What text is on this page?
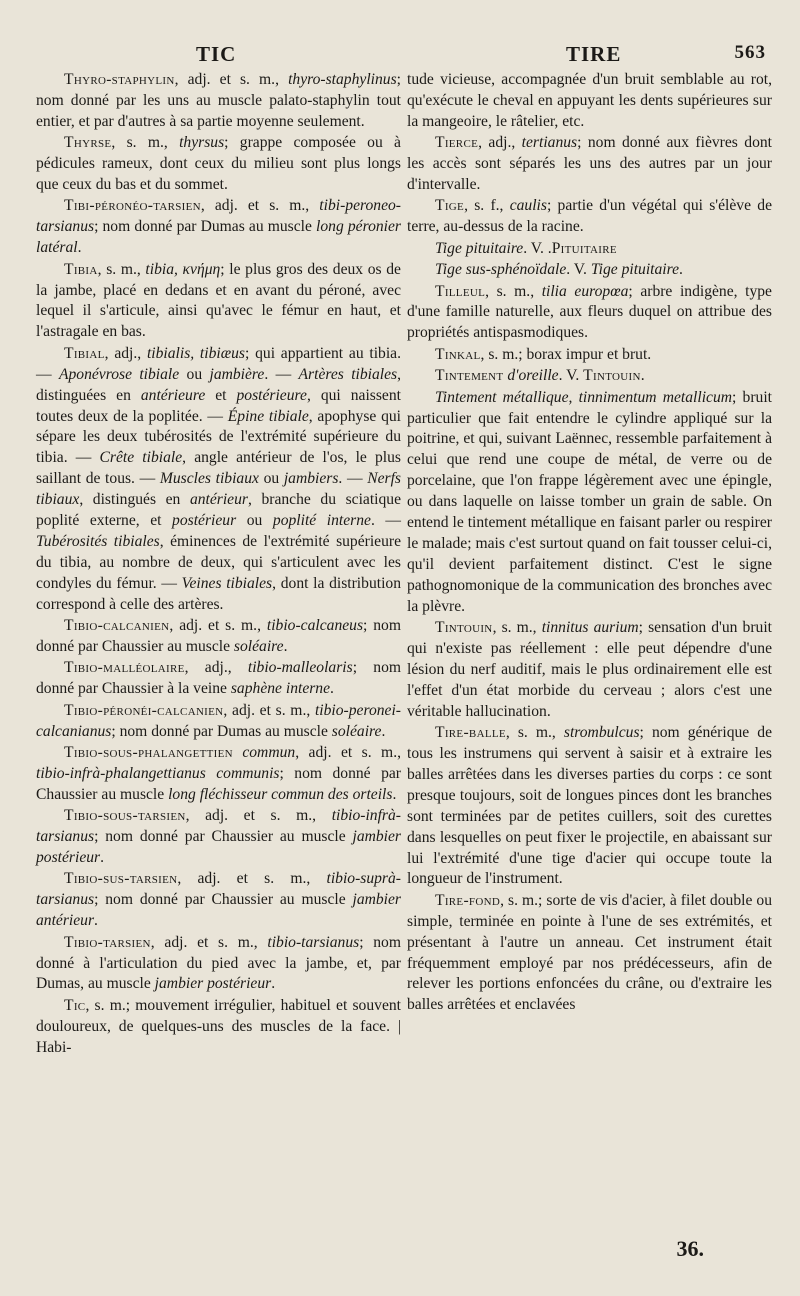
TIC	TIRE	563

Thyro-staphylin, adj. et s. m., thyro-staphylinus; nom donné par les uns au muscle palato-staphylin tout entier, et par d'autres à sa partie moyenne seulement.

Thyrse, s. m., thyrsus; grappe composée ou à pédicules rameux, dont ceux du milieu sont plus longs que ceux du bas et du sommet.

Tibi-péronéo-tarsien, adj. et s. m., tibi-peroneo-tarsianus; nom donné par Dumas au muscle long péronier latéral.

Tibia, s. m., tibia, κνήμη; le plus gros des deux os de la jambe, placé en dedans et en avant du péroné, avec lequel il s'articule, ainsi qu'avec le fémur en haut, et l'astragale en bas.

Tibial, adj., tibialis, tibiæus; qui appartient au tibia. — Aponévrose tibiale ou jambière. — Artères tibiales, distinguées en antérieure et postérieure, qui naissent toutes deux de la poplitée. — Épine tibiale, apophyse qui sépare les deux tubérosités de l'extrémité supérieure du tibia. — Crête tibiale, angle antérieur de l'os, le plus saillant de tous. — Muscles tibiaux ou jambiers. — Nerfs tibiaux, distingués en antérieur, branche du sciatique poplité externe, et postérieur ou poplité interne. — Tubérosités tibiales, éminences de l'extrémité supérieure du tibia, au nombre de deux, qui s'articulent avec les condyles du fémur. — Veines tibiales, dont la distribution correspond à celle des artères.

Tibio-calcanien, adj. et s. m., tibio-calcaneus; nom donné par Chaussier au muscle soléaire.

Tibio-malléolaire, adj., tibio-malleolaris; nom donné par Chaussier à la veine saphène interne.

Tibio-péronéi-calcanien, adj. et s. m., tibio-peronei-calcanianus; nom donné par Dumas au muscle soléaire.

Tibio-sous-phalangettien commun, adj. et s. m., tibio-infrà-phalangettianus communis; nom donné par Chaussier au muscle long fléchisseur commun des orteils.

Tibio-sous-tarsien, adj. et s. m., tibio-infrà-tarsianus; nom donné par Chaussier au muscle jambier postérieur.

Tibio-sus-tarsien, adj. et s. m., tibio-suprà-tarsianus; nom donné par Chaussier au muscle jambier antérieur.

Tibio-tarsien, adj. et s. m., tibio-tarsianus; nom donné à l'articulation du pied avec la jambe, et, par Dumas, au muscle jambier postérieur.

Tic, s. m.; mouvement irrégulier, habituel et souvent douloureux, de quelques-uns des muscles de la face. | Habi-

tude vicieuse, accompagnée d'un bruit semblable au rot, qu'exécute le cheval en appuyant les dents supérieures sur la mangeoire, le râtelier, etc.

Tierce, adj., tertianus; nom donné aux fièvres dont les accès sont séparés les uns des autres par un jour d'intervalle.

Tige, s. f., caulis; partie d'un végétal qui s'élève de terre, au-dessus de la racine.

Tige pituitaire. V. .Pituitaire

Tige sus-sphénoïdale. V. Tige pituitaire.

Tilleul, s. m., tilia europœa; arbre indigène, type d'une famille naturelle, aux fleurs duquel on attribue des propriétés antispasmodiques.

Tinkal, s. m.; borax impur et brut.

Tintement d'oreille. V. Tintouin.

Tintement métallique, tinnimentum metallicum; bruit particulier que fait entendre le cylindre appliqué sur la poitrine, et qui, suivant Laënnec, ressemble parfaitement à celui que rend une coupe de métal, de verre ou de porcelaine, que l'on frappe légèrement avec une épingle, ou dans laquelle on laisse tomber un grain de sable. On entend le tintement métallique en faisant parler ou respirer le malade; mais c'est surtout quand on fait tousser celui-ci, qu'il devient parfaitement distinct. C'est le signe pathognomonique de la communication des bronches avec la plèvre.

Tintouin, s. m., tinnitus aurium; sensation d'un bruit qui n'existe pas réellement : elle peut dépendre d'une lésion du nerf auditif, mais le plus ordinairement elle est l'effet d'un état morbide du cerveau ; alors c'est une véritable hallucination.

Tire-balle, s. m., strombulcus; nom générique de tous les instrumens qui servent à saisir et à extraire les balles arrêtées dans les diverses parties du corps : ce sont presque toujours, soit de longues pinces dont les branches sont terminées par de petites cuillers, soit des curettes dans lesquelles on peut fixer le projectile, en abaissant sur lui l'extrémité d'une tige d'acier qui occupe toute la longueur de l'instrument.

Tire-fond, s. m.; sorte de vis d'acier, à filet double ou simple, terminée en pointe à l'une de ses extrémités, et présentant à l'autre un anneau. Cet instrument était fréquemment employé par nos prédécesseurs, afin de relever les portions enfoncées du crâne, ou d'extraire les balles arrêtées et enclavées

36.
